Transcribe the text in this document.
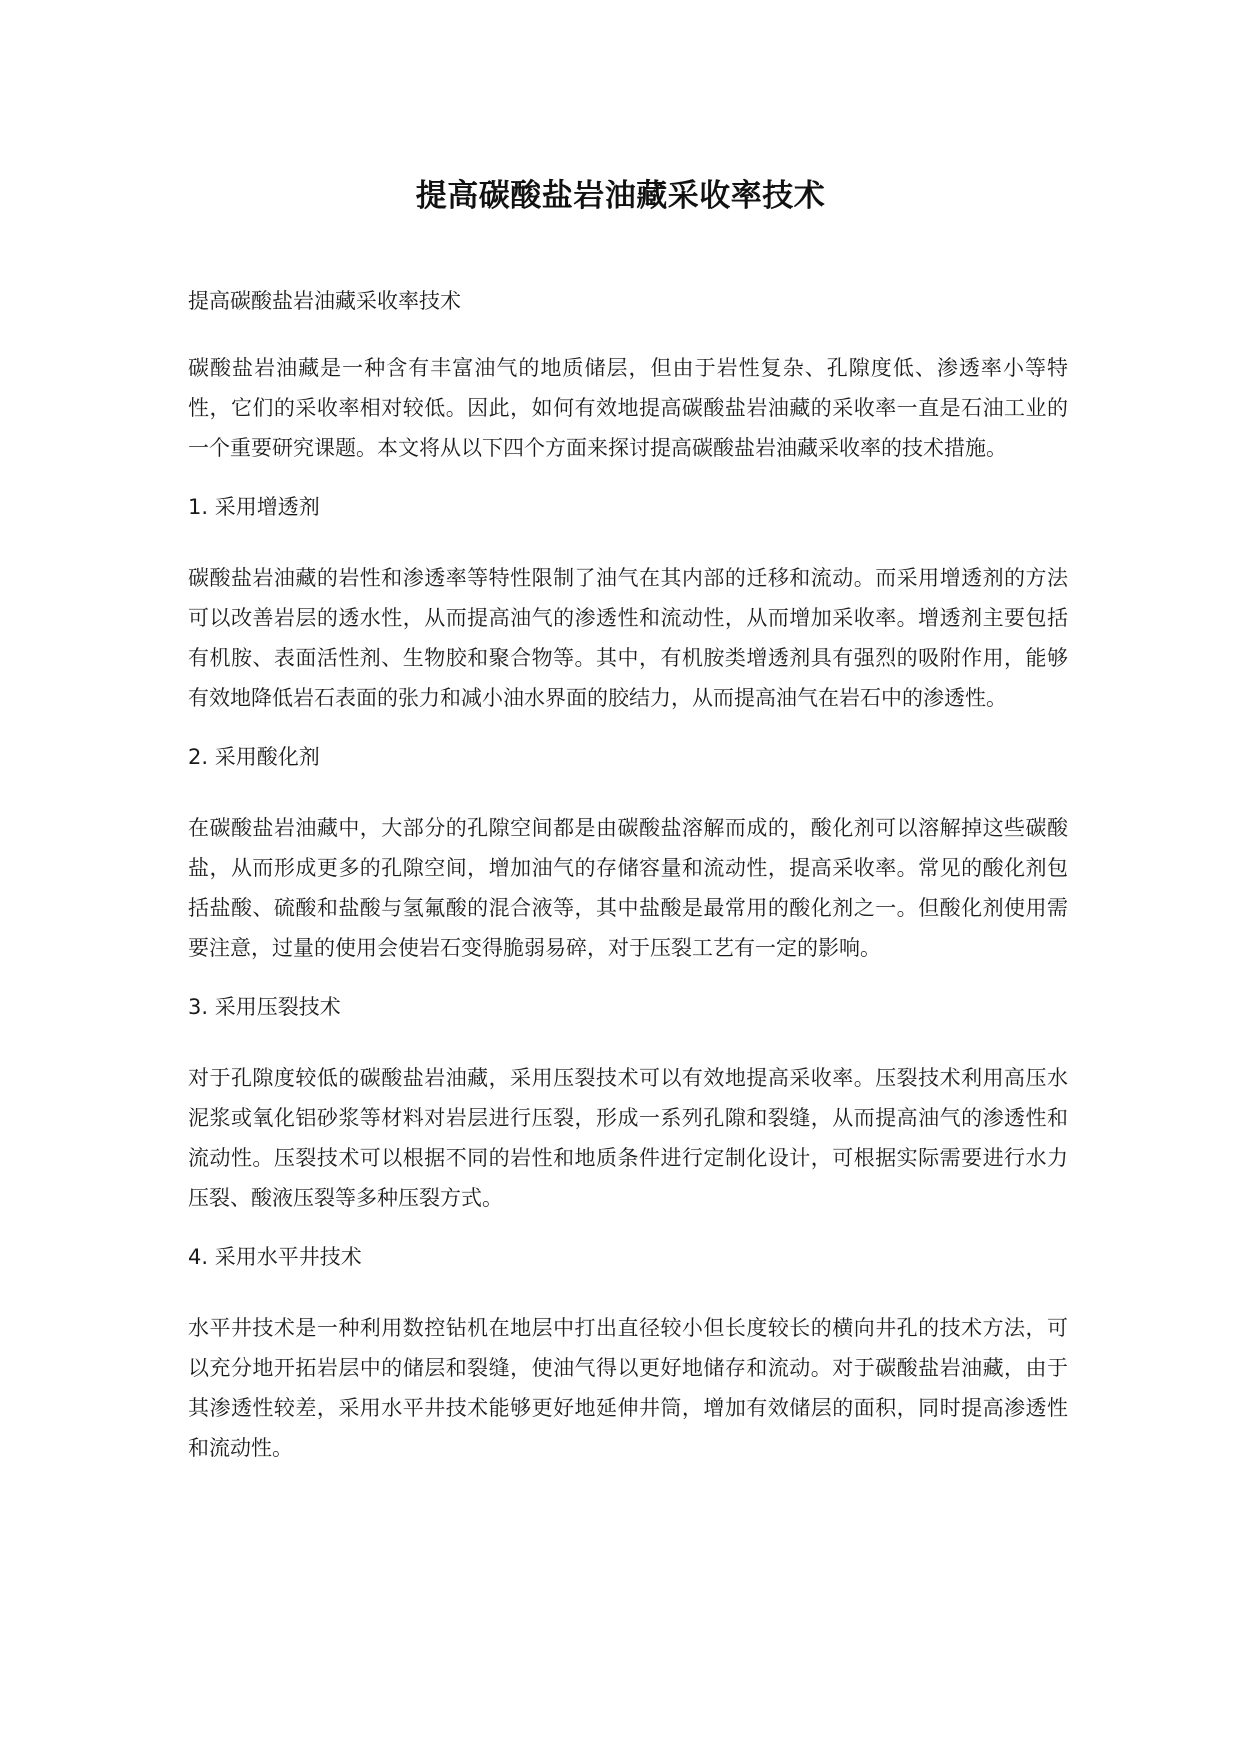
提高碳酸盐岩油藏采收率技术

提高碳酸盐岩油藏采收率技术

碳酸盐岩油藏是一种含有丰富油气的地质储层，但由于岩性复杂、孔隙度低、渗透率小等特性，它们的采收率相对较低。因此，如何有效地提高碳酸盐岩油藏的采收率一直是石油工业的一个重要研究课题。本文将从以下四个方面来探讨提高碳酸盐岩油藏采收率的技术措施。

1. 采用增透剂

碳酸盐岩油藏的岩性和渗透率等特性限制了油气在其内部的迁移和流动。而采用增透剂的方法可以改善岩层的透水性，从而提高油气的渗透性和流动性，从而增加采收率。增透剂主要包括有机胺、表面活性剂、生物胶和聚合物等。其中，有机胺类增透剂具有强烈的吸附作用，能够有效地降低岩石表面的张力和减小油水界面的胶结力，从而提高油气在岩石中的渗透性。

2. 采用酸化剂

在碳酸盐岩油藏中，大部分的孔隙空间都是由碳酸盐溶解而成的，酸化剂可以溶解掉这些碳酸盐，从而形成更多的孔隙空间，增加油气的存储容量和流动性，提高采收率。常见的酸化剂包括盐酸、硫酸和盐酸与氢氟酸的混合液等，其中盐酸是最常用的酸化剂之一。但酸化剂使用需要注意，过量的使用会使岩石变得脆弱易碎，对于压裂工艺有一定的影响。

3. 采用压裂技术

对于孔隙度较低的碳酸盐岩油藏，采用压裂技术可以有效地提高采收率。压裂技术利用高压水泥浆或氧化铝砂浆等材料对岩层进行压裂，形成一系列孔隙和裂缝，从而提高油气的渗透性和流动性。压裂技术可以根据不同的岩性和地质条件进行定制化设计，可根据实际需要进行水力压裂、酸液压裂等多种压裂方式。

4. 采用水平井技术

水平井技术是一种利用数控钻机在地层中打出直径较小但长度较长的横向井孔的技术方法，可以充分地开拓岩层中的储层和裂缝，使油气得以更好地储存和流动。对于碳酸盐岩油藏，由于其渗透性较差，采用水平井技术能够更好地延伸井筒，增加有效储层的面积，同时提高渗透性和流动性。
